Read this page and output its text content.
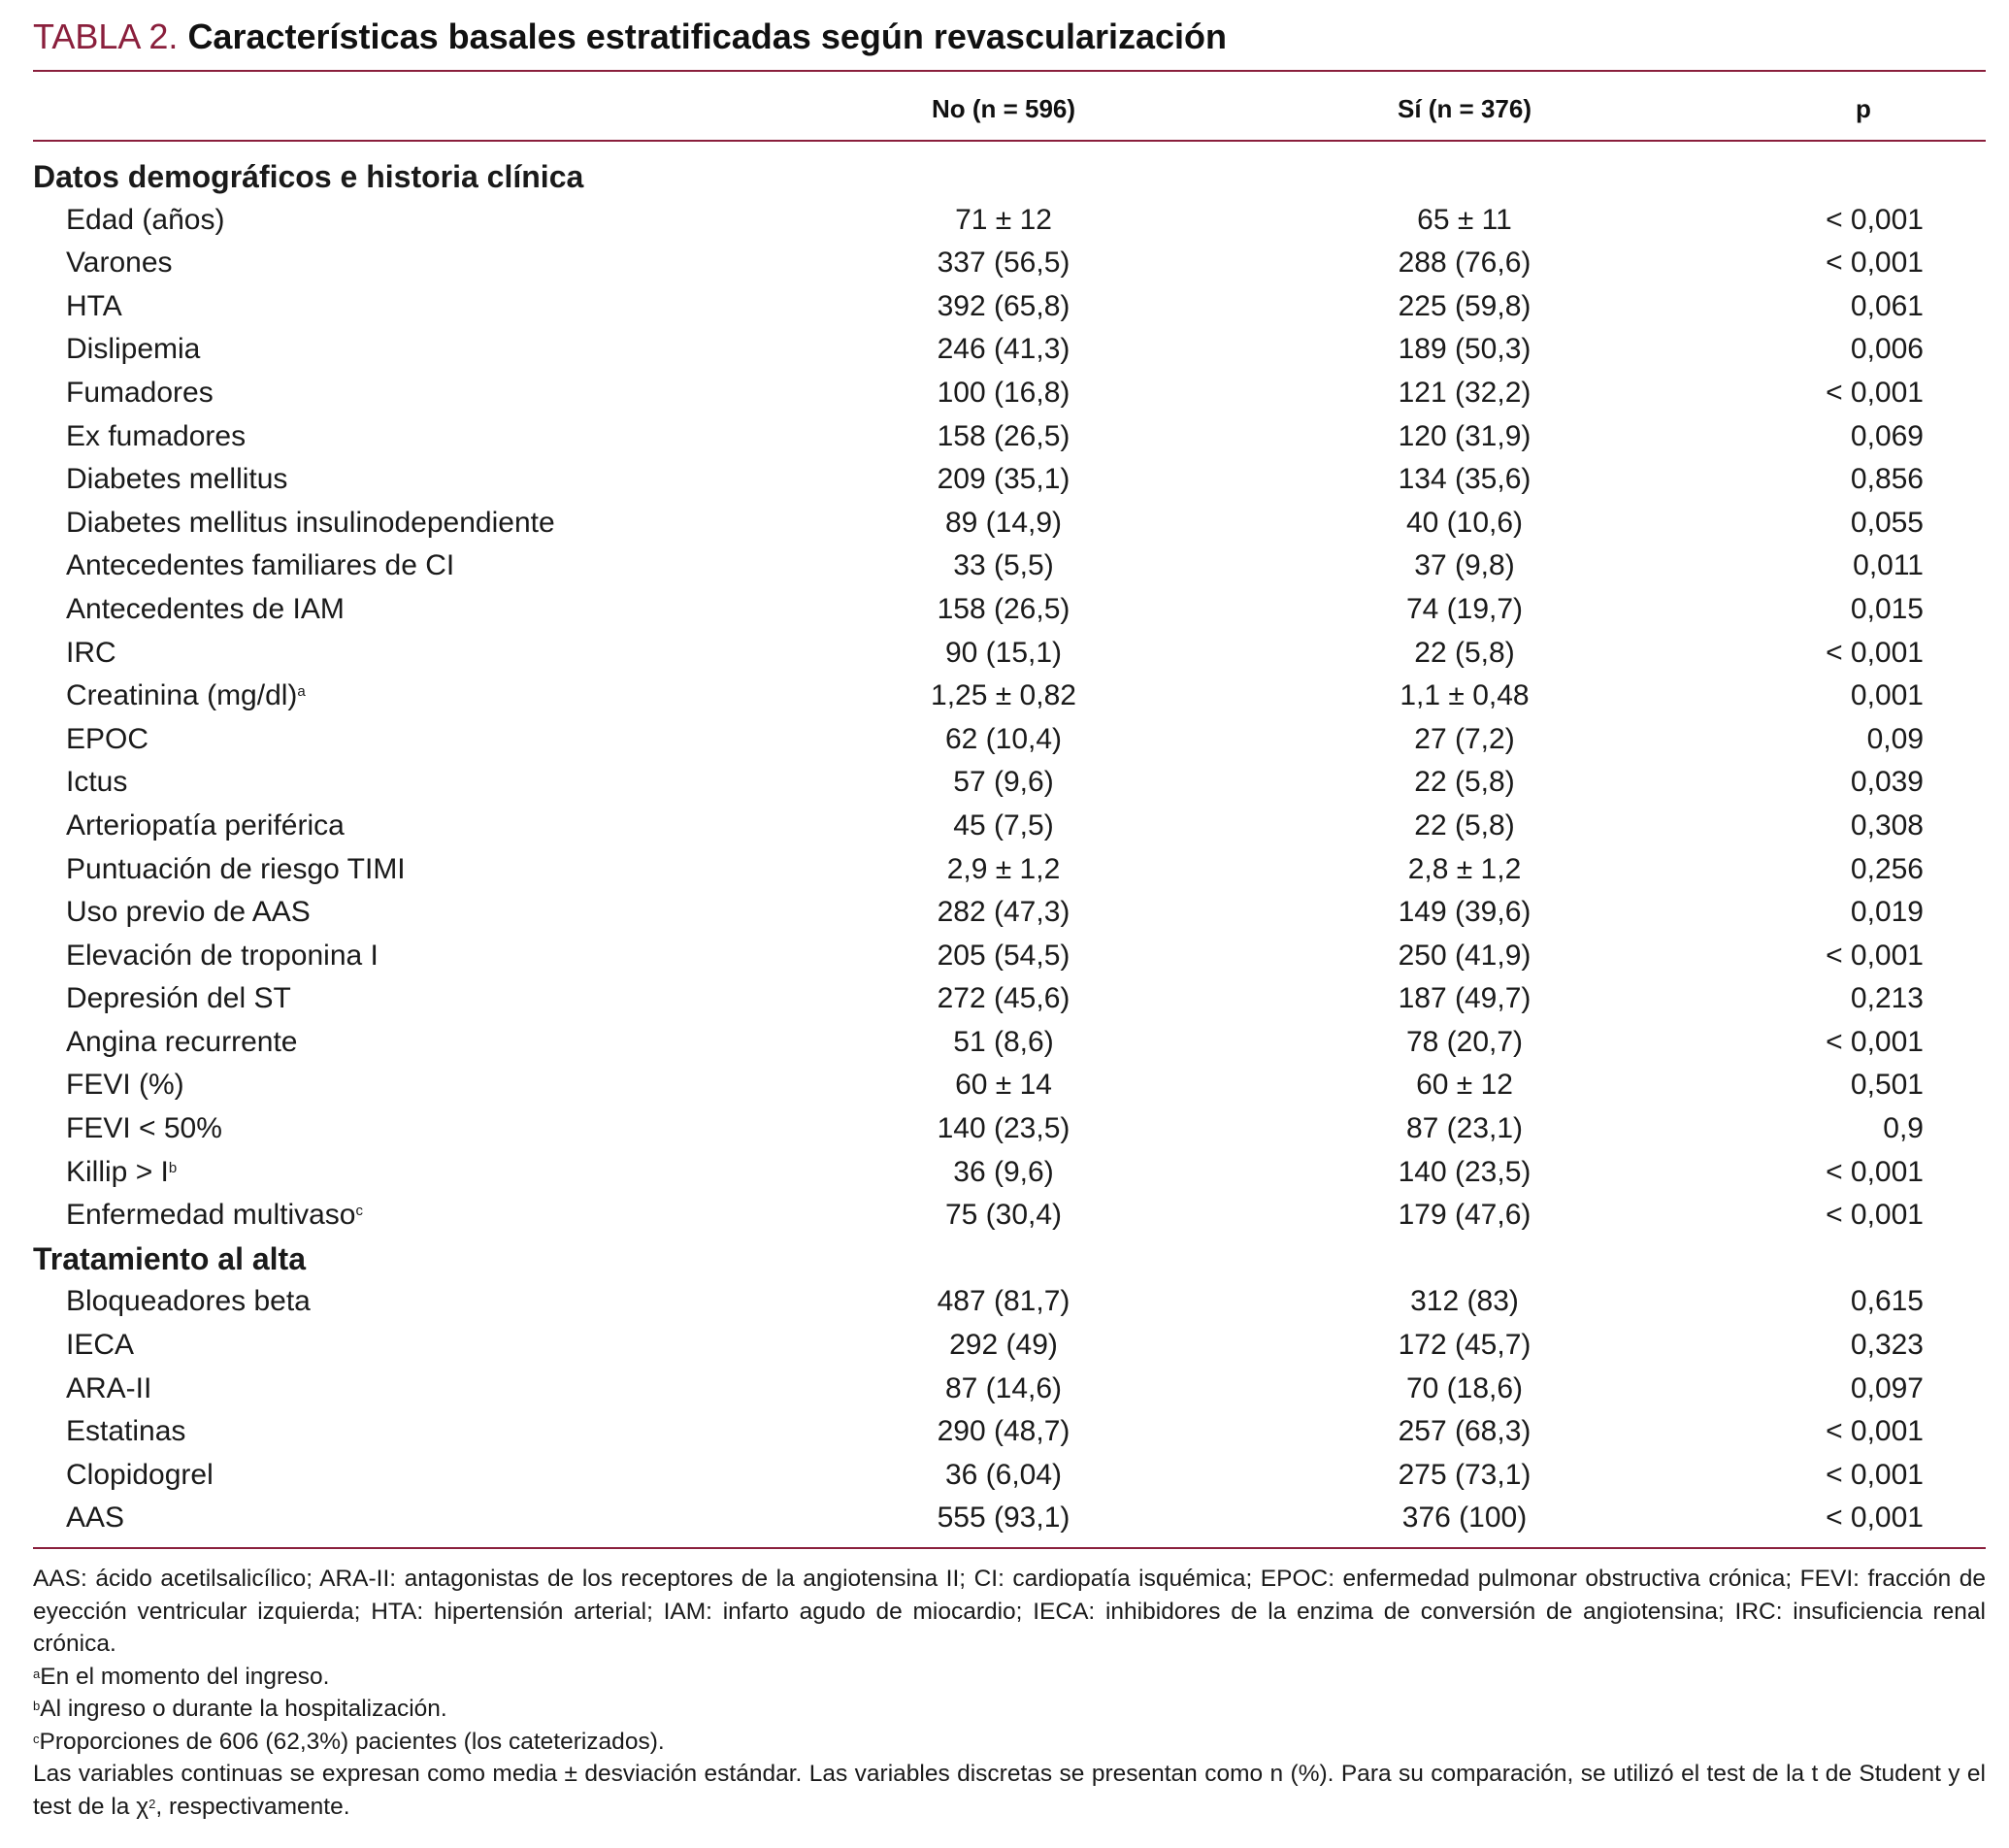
TABLA 2. Características basales estratificadas según revascularización
No (n = 596)	Sí (n = 376)	p
Datos demográficos e historia clínica
Edad (años)	71 ± 12	65 ± 11	< 0,001
Varones	337 (56,5)	288 (76,6)	< 0,001
HTA	392 (65,8)	225 (59,8)	0,061
Dislipemia	246 (41,3)	189 (50,3)	0,006
Fumadores	100 (16,8)	121 (32,2)	< 0,001
Ex fumadores	158 (26,5)	120 (31,9)	0,069
Diabetes mellitus	209 (35,1)	134 (35,6)	0,856
Diabetes mellitus insulinodependiente	89 (14,9)	40 (10,6)	0,055
Antecedentes familiares de CI	33 (5,5)	37 (9,8)	0,011
Antecedentes de IAM	158 (26,5)	74 (19,7)	0,015
IRC	90 (15,1)	22 (5,8)	< 0,001
Creatinina (mg/dl)$^a$	1,25 ± 0,82	1,1 ± 0,48	0,001
EPOC	62 (10,4)	27 (7,2)	0,09
Ictus	57 (9,6)	22 (5,8)	0,039
Arteriopatía periférica	45 (7,5)	22 (5,8)	0,308
Puntuación de riesgo TIMI	2,9 ± 1,2	2,8 ± 1,2	0,256
Uso previo de AAS	282 (47,3)	149 (39,6)	0,019
Elevación de troponina I	205 (54,5)	250 (41,9)	< 0,001
Depresión del ST	272 (45,6)	187 (49,7)	0,213
Angina recurrente	51 (8,6)	78 (20,7)	< 0,001
FEVI (%)	60 ± 14	60 ± 12	0,501
FEVI < 50%	140 (23,5)	87 (23,1)	0,9
Killip > I$^b$	36 (9,6)	140 (23,5)	< 0,001
Enfermedad multivaso$^c$	75 (30,4)	179 (47,6)	< 0,001
Tratamiento al alta
Bloqueadores beta	487 (81,7)	312 (83)	0,615
IECA	292 (49)	172 (45,7)	0,323
ARA-II	87 (14,6)	70 (18,6)	0,097
Estatinas	290 (48,7)	257 (68,3)	< 0,001
Clopidogrel	36 (6,04)	275 (73,1)	< 0,001
AAS	555 (93,1)	376 (100)	< 0,001

AAS: ácido acetilsalicílico; ARA-II: antagonistas de los receptores de la angiotensina II; CI: cardiopatía isquémica; EPOC: enfermedad pulmonar obstructiva crónica; FEVI: fracción de eyección ventricular izquierda; HTA: hipertensión arterial; IAM: infarto agudo de miocardio; IECA: inhibidores de la enzima de conversión de angiotensina; IRC: insuficiencia renal crónica.

$^a$En el momento del ingreso.

$^b$Al ingreso o durante la hospitalización.

$^c$Proporciones de 606 (62,3%) pacientes (los cateterizados).

Las variables continuas se expresan como media ± desviación estándar. Las variables discretas se presentan como n (%). Para su comparación, se utilizó el test de la t de Student y el test de la $\chi^2$, respectivamente.
